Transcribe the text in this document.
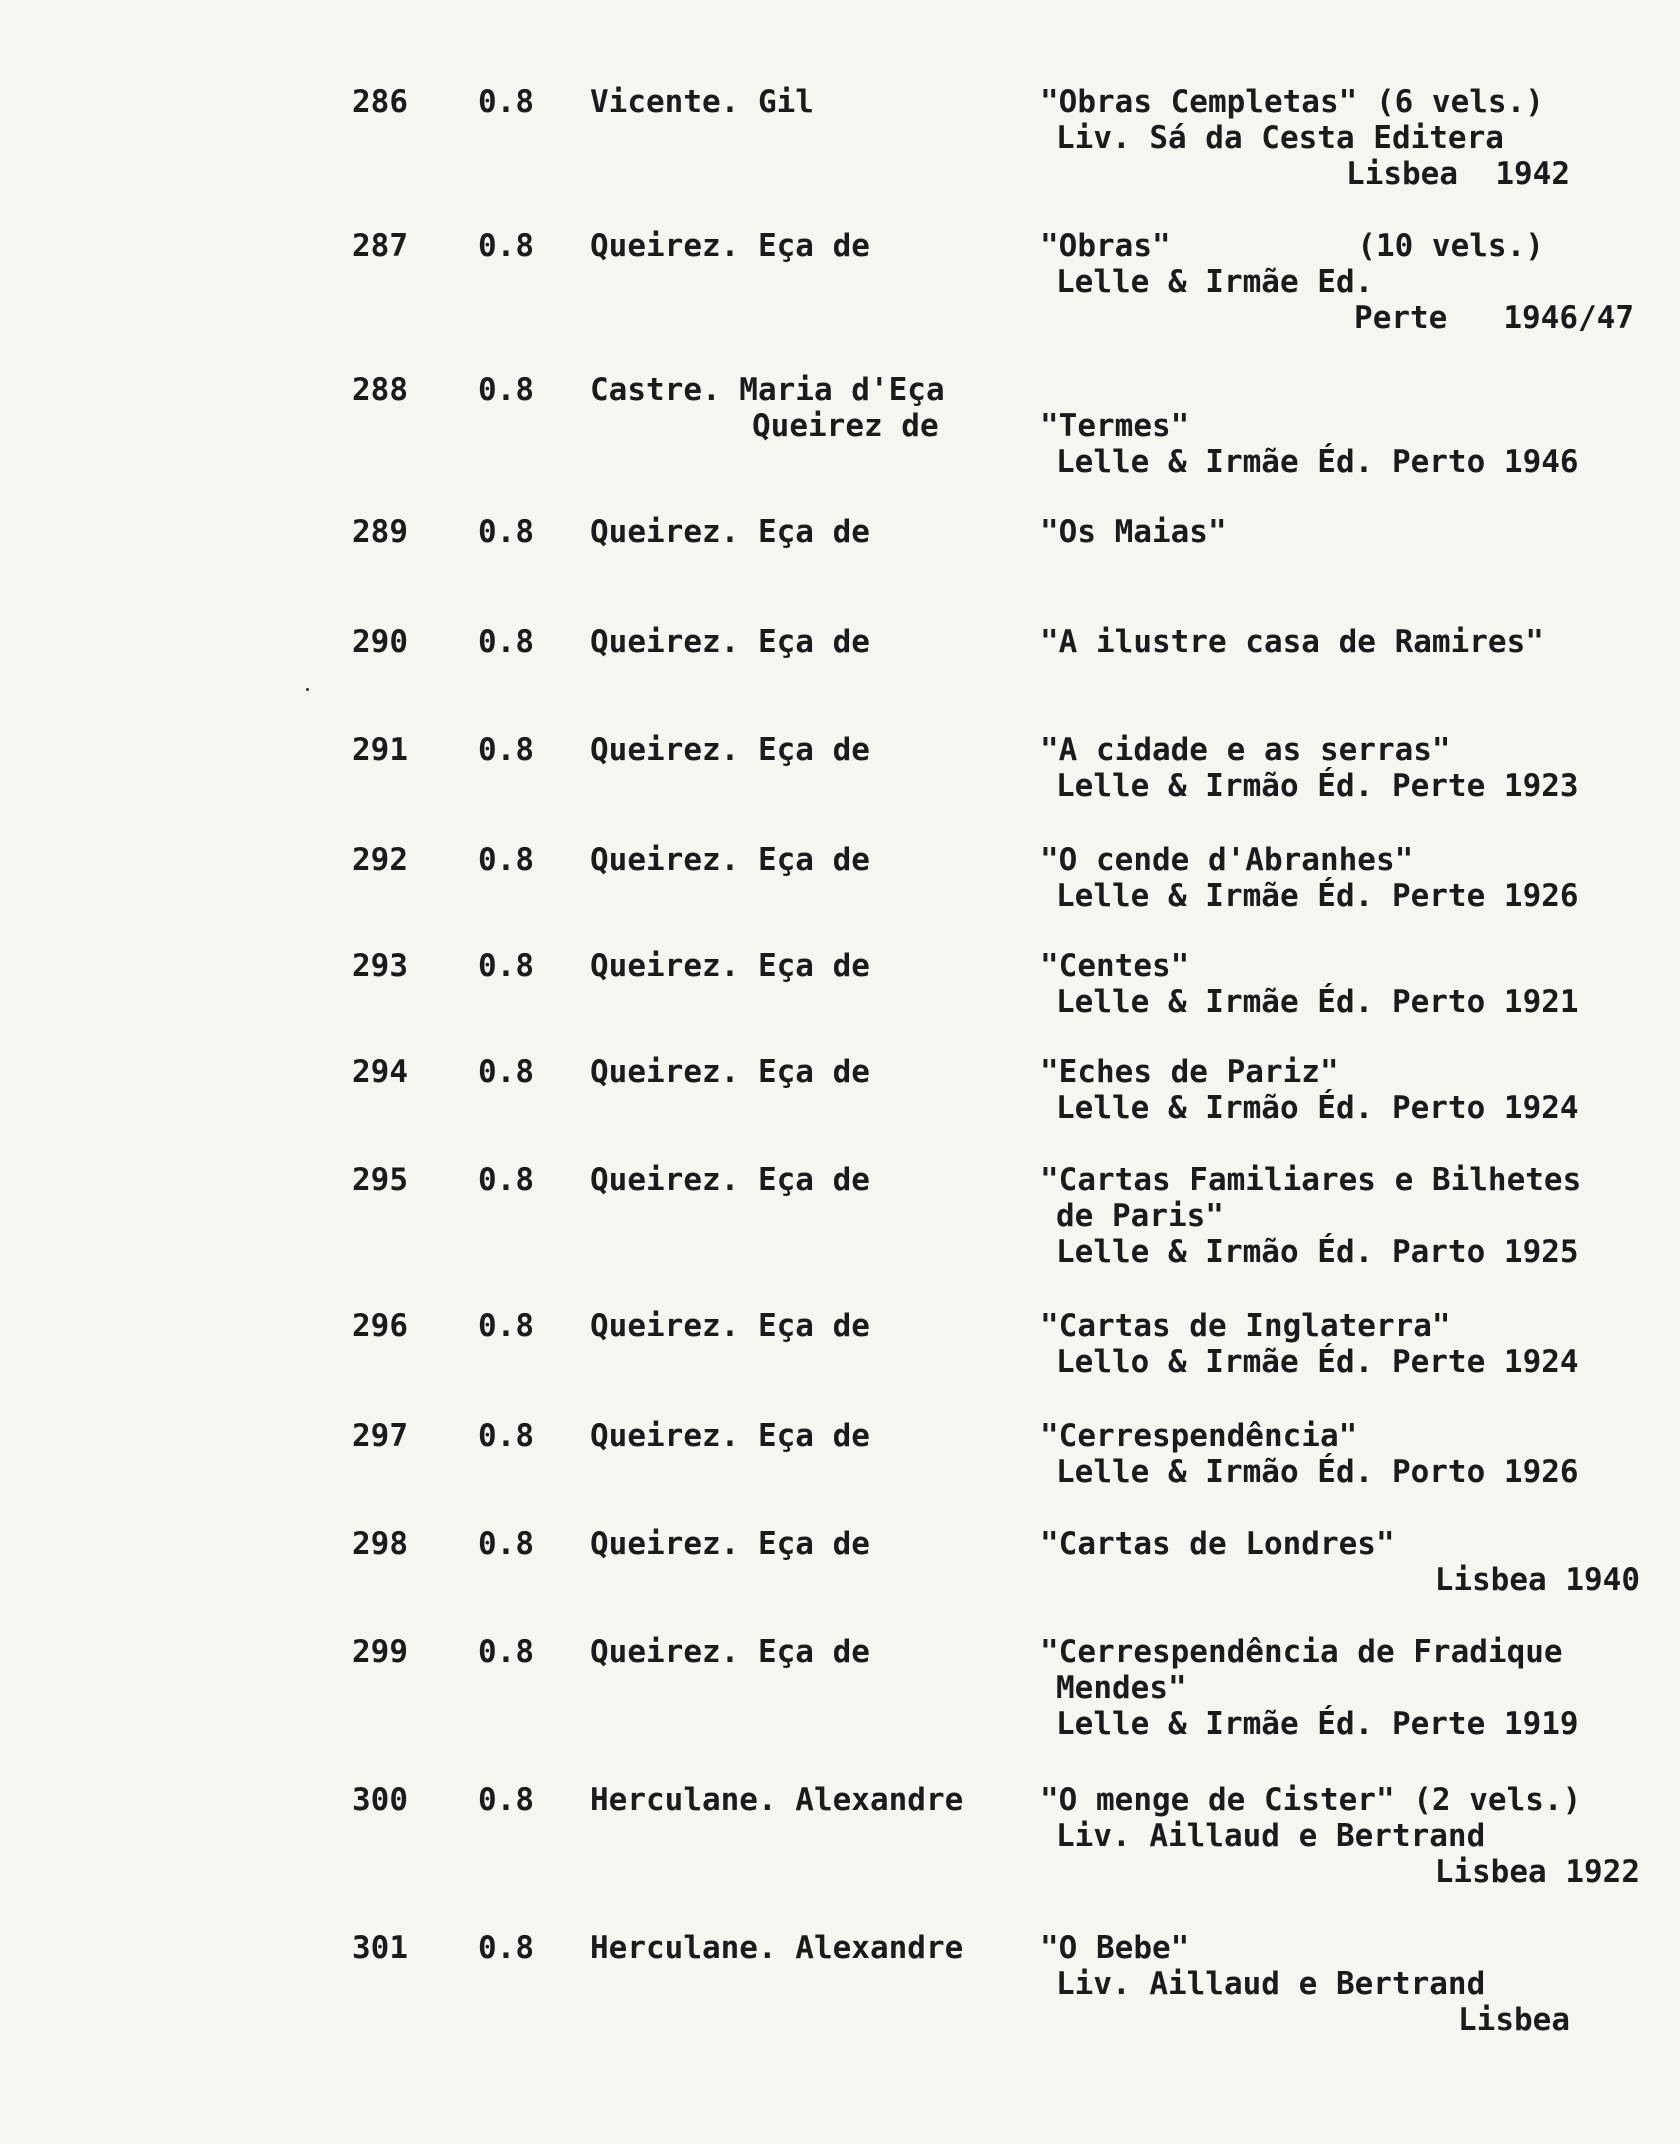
286 0.8 Vicente. Gil	"Obras Cempletas" (6 vels.)
Liv. Sá da Cesta Editera
Lisbea  1942
287 0.8 Queirez. Eça de	"Obras"          (10 vels.)
Lelle & Irmãe Ed.
Perte   1946/47
288 0.8 Castre. Maria d'Eça
Queirez de	"Termes"
Lelle & Irmãe Éd. Perto 1946
289 0.8 Queirez. Eça de	"Os Maias"
290 0.8 Queirez. Eça de	"A ilustre casa de Ramires"
291 0.8 Queirez. Eça de	"A cidade e as serras"
Lelle & Irmão Éd. Perte 1923
292 0.8 Queirez. Eça de	"O cende d'Abranhes"
Lelle & Irmãe Éd. Perte 1926
293 0.8 Queirez. Eça de	"Centes"
Lelle & Irmãe Éd. Perto 1921
294 0.8 Queirez. Eça de	"Eches de Pariz"
Lelle & Irmão Éd. Perto 1924
295 0.8 Queirez. Eça de	"Cartas Familiares e Bilhetes
de Paris"
Lelle & Irmão Éd. Parto 1925
296 0.8 Queirez. Eça de	"Cartas de Inglaterra"
Lello & Irmãe Éd. Perte 1924
297 0.8 Queirez. Eça de	"Cerrespendência"
Lelle & Irmão Éd. Porto 1926
298 0.8 Queirez. Eça de	"Cartas de Londres"
Lisbea 1940
299 0.8 Queirez. Eça de	"Cerrespendência de Fradique
Mendes"
Lelle & Irmãe Éd. Perte 1919
300 0.8 Herculane. Alexandre "O menge de Cister" (2 vels.)
Liv. Aillaud e Bertrand
Lisbea 1922
301 0.8 Herculane. Alexandre "O Bebe"
Liv. Aillaud e Bertrand
Lisbea
